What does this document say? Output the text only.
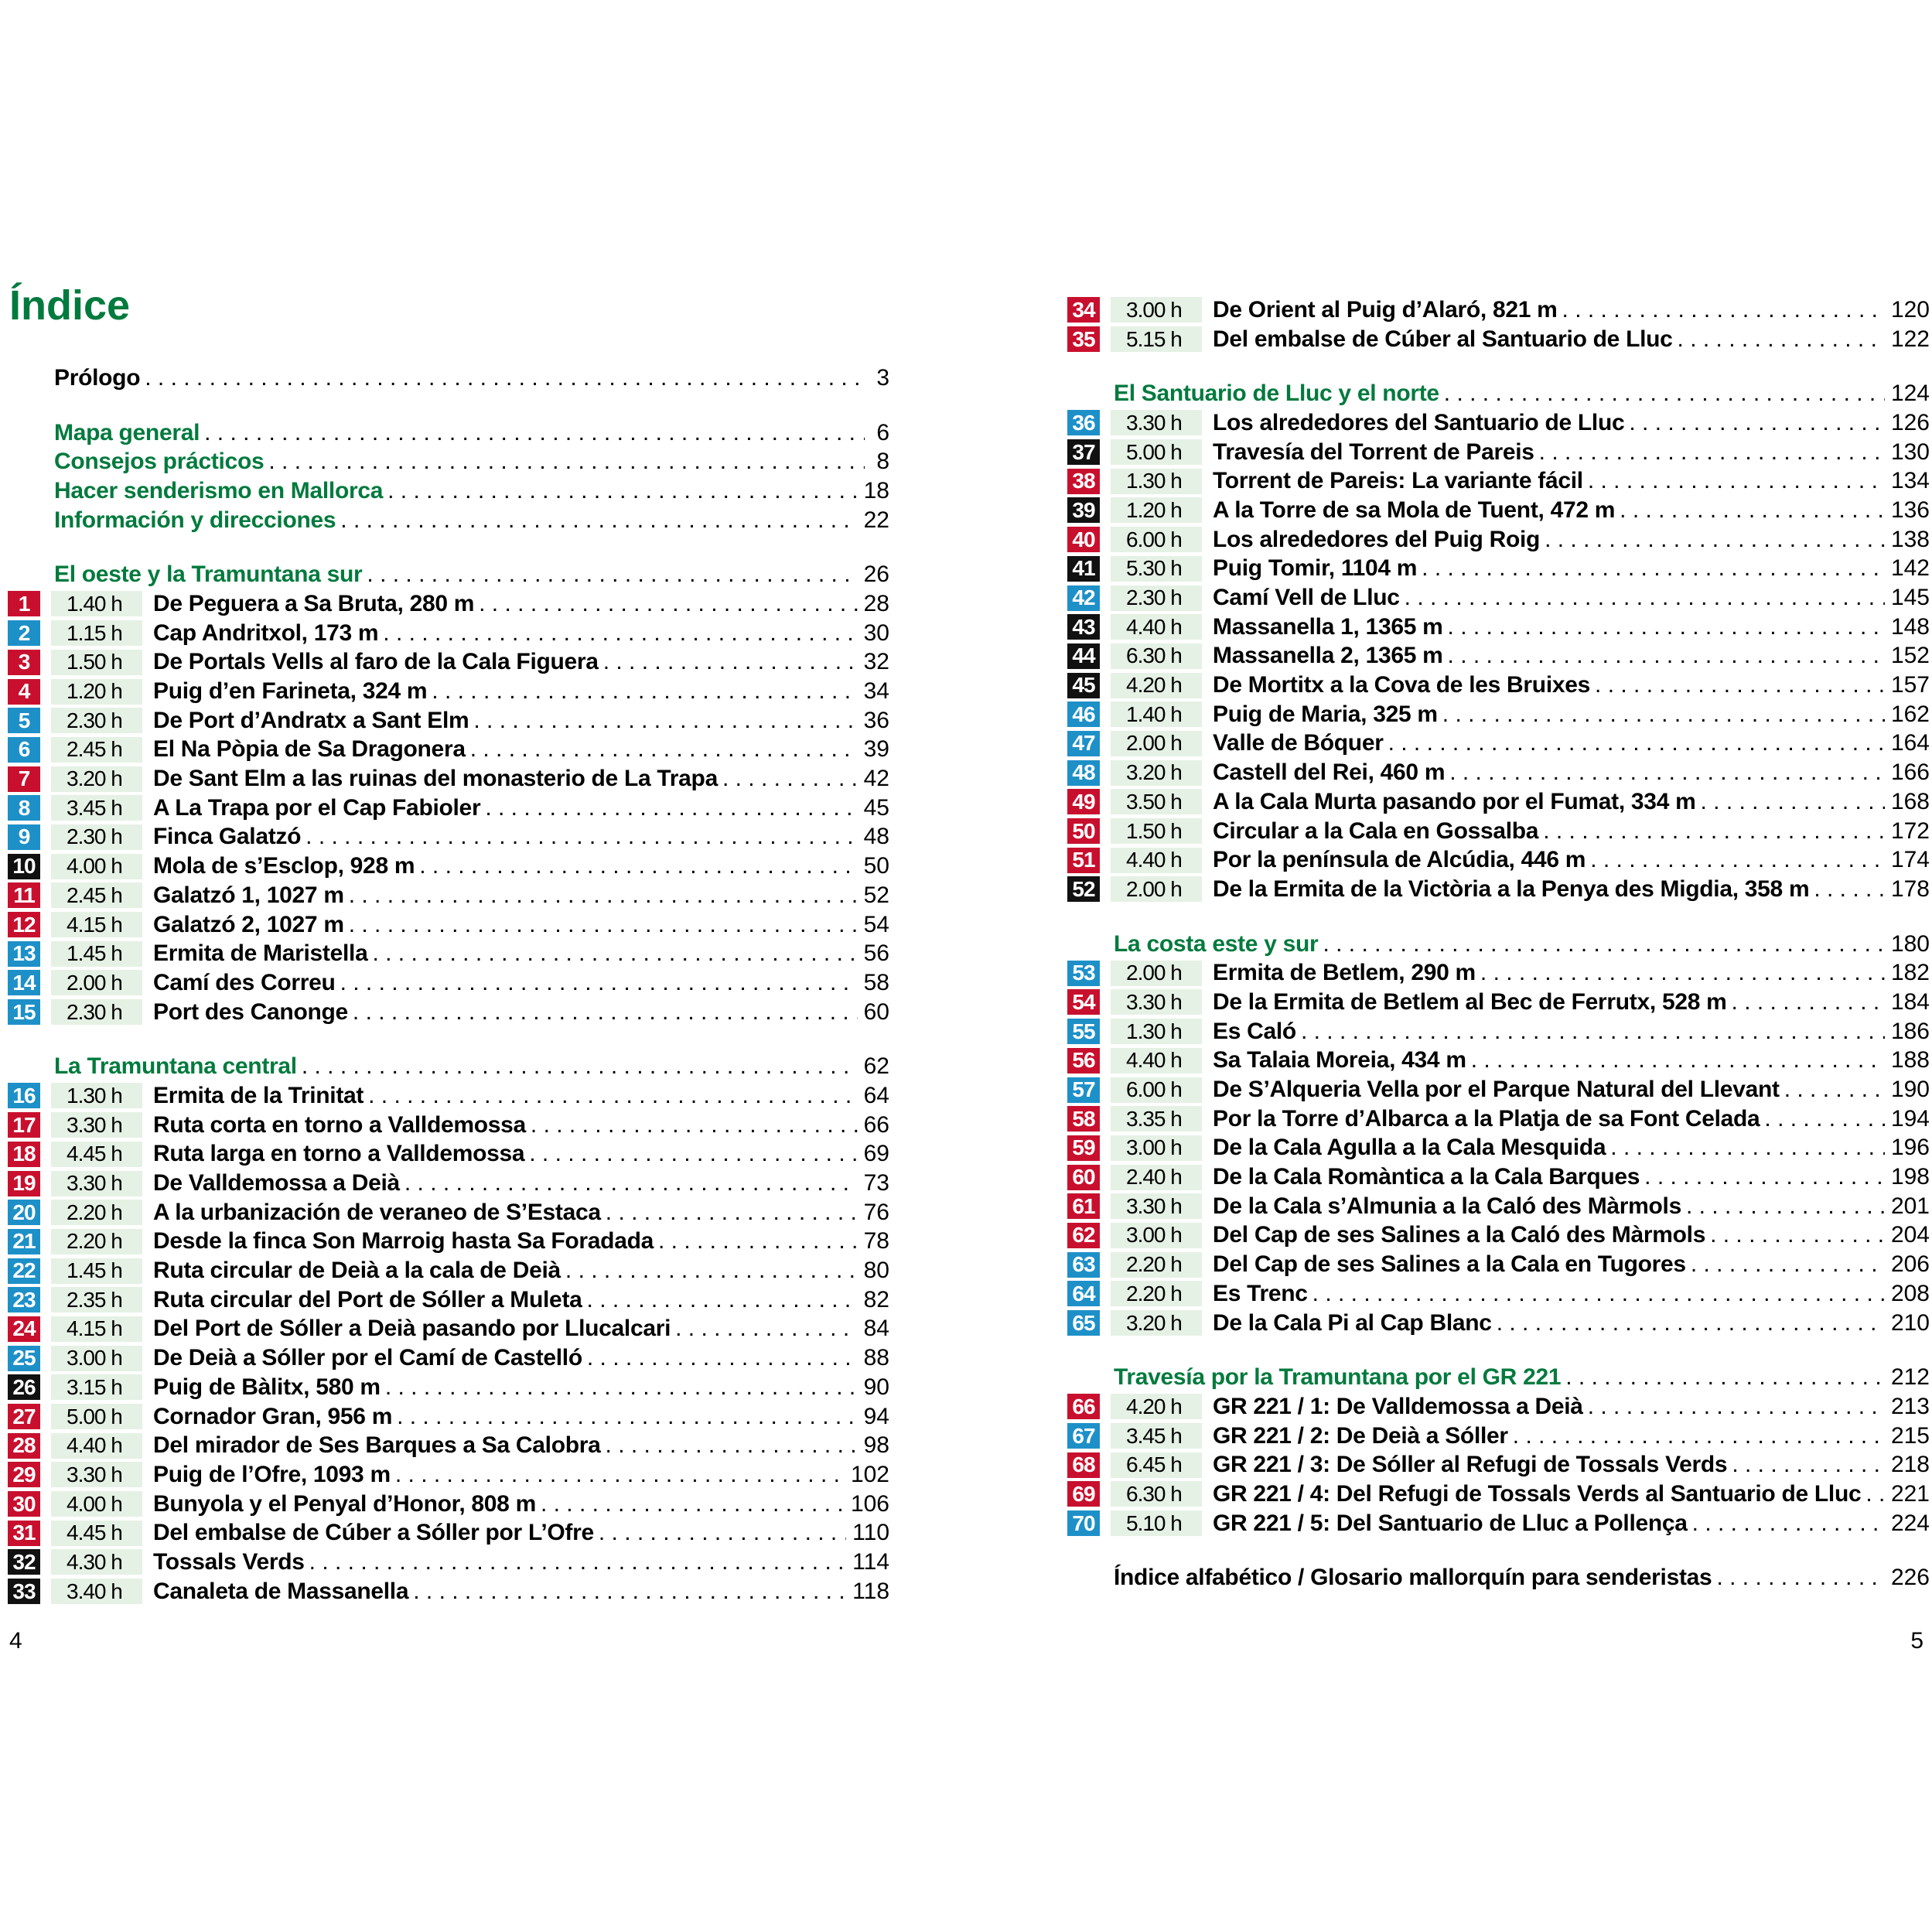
Índice
Prólogo . . .	3
Mapa general . . .	6
Consejos prácticos . . .	8
Hacer senderismo en Mallorca . . .	18
Información y direcciones . . .	22
El oeste y la Tramuntana sur . . .	26
1	1.40 h	De Peguera a Sa Bruta, 280 m . . .	28
2	1.15 h	Cap Andritxol, 173 m . . .	30
3	1.50 h	De Portals Vells al faro de la Cala Figuera . . .	32
4	1.20 h	Puig d’en Farineta, 324 m . . .	34
5	2.30 h	De Port d’Andratx a Sant Elm . . .	36
6	2.45 h	El Na Pòpia de Sa Dragonera . . .	39
7	3.20 h	De Sant Elm a las ruinas del monasterio de La Trapa . . .	42
8	3.45 h	A La Trapa por el Cap Fabioler . . .	45
9	2.30 h	Finca Galatzó . . .	48
10	4.00 h	Mola de s’Esclop, 928 m . . .	50
11	2.45 h	Galatzó 1, 1027 m . . .	52
12	4.15 h	Galatzó 2, 1027 m . . .	54
13	1.45 h	Ermita de Maristella . . .	56
14	2.00 h	Camí des Correu . . .	58
15	2.30 h	Port des Canonge . . .	60
La Tramuntana central . . .	62
16	1.30 h	Ermita de la Trinitat . . .	64
17	3.30 h	Ruta corta en torno a Valldemossa . . .	66
18	4.45 h	Ruta larga en torno a Valldemossa . . .	69
19	3.30 h	De Valldemossa a Deià . . .	73
20	2.20 h	A la urbanización de veraneo de S’Estaca . . .	76
21	2.20 h	Desde la finca Son Marroig hasta Sa Foradada . . .	78
22	1.45 h	Ruta circular de Deià a la cala de Deià . . .	80
23	2.35 h	Ruta circular del Port de Sóller a Muleta . . .	82
24	4.15 h	Del Port de Sóller a Deià pasando por Llucalcari . . .	84
25	3.00 h	De Deià a Sóller por el Camí de Castelló . . .	88
26	3.15 h	Puig de Bàlitx, 580 m . . .	90
27	5.00 h	Cornador Gran, 956 m . . .	94
28	4.40 h	Del mirador de Ses Barques a Sa Calobra . . .	98
29	3.30 h	Puig de l’Ofre, 1093 m . . .	102
30	4.00 h	Bunyola y el Penyal d’Honor, 808 m . . .	106
31	4.45 h	Del embalse de Cúber a Sóller por L’Ofre . . .	110
32	4.30 h	Tossals Verds . . .	114
33	3.40 h	Canaleta de Massanella . . .	118

4

34	3.00 h	De Orient al Puig d’Alaró, 821 m . . .	120
35	5.15 h	Del embalse de Cúber al Santuario de Lluc . . .	122
El Santuario de Lluc y el norte . . .	124
36	3.30 h	Los alrededores del Santuario de Lluc . . .	126
37	5.00 h	Travesía del Torrent de Pareis . . .	130
38	1.30 h	Torrent de Pareis: La variante fácil . . .	134
39	1.20 h	A la Torre de sa Mola de Tuent, 472 m . . .	136
40	6.00 h	Los alrededores del Puig Roig . . .	138
41	5.30 h	Puig Tomir, 1104 m . . .	142
42	2.30 h	Camí Vell de Lluc . . .	145
43	4.40 h	Massanella 1, 1365 m . . .	148
44	6.30 h	Massanella 2, 1365 m . . .	152
45	4.20 h	De Mortitx a la Cova de les Bruixes . . .	157
46	1.40 h	Puig de Maria, 325 m . . .	162
47	2.00 h	Valle de Bóquer . . .	164
48	3.20 h	Castell del Rei, 460 m . . .	166
49	3.50 h	A la Cala Murta pasando por el Fumat, 334 m . . .	168
50	1.50 h	Circular a la Cala en Gossalba . . .	172
51	4.40 h	Por la península de Alcúdia, 446 m . . .	174
52	2.00 h	De la Ermita de la Victòria a la Penya des Migdia, 358 m . . .	178
La costa este y sur . . .	180
53	2.00 h	Ermita de Betlem, 290 m . . .	182
54	3.30 h	De la Ermita de Betlem al Bec de Ferrutx, 528 m . . .	184
55	1.30 h	Es Caló . . .	186
56	4.40 h	Sa Talaia Moreia, 434 m . . .	188
57	6.00 h	De S’Alqueria Vella por el Parque Natural del Llevant . . .	190
58	3.35 h	Por la Torre d’Albarca a la Platja de sa Font Celada . . .	194
59	3.00 h	De la Cala Agulla a la Cala Mesquida . . .	196
60	2.40 h	De la Cala Romàntica a la Cala Barques . . .	198
61	3.30 h	De la Cala s’Almunia a la Caló des Màrmols . . .	201
62	3.00 h	Del Cap de ses Salines a la Caló des Màrmols . . .	204
63	2.20 h	Del Cap de ses Salines a la Cala en Tugores . . .	206
64	2.20 h	Es Trenc . . .	208
65	3.20 h	De la Cala Pi al Cap Blanc . . .	210
Travesía por la Tramuntana por el GR 221 . . .	212
66	4.20 h	GR 221 / 1: De Valldemossa a Deià . . .	213
67	3.45 h	GR 221 / 2: De Deià a Sóller . . .	215
68	6.45 h	GR 221 / 3: De Sóller al Refugi de Tossals Verds . . .	218
69	6.30 h	GR 221 / 4: Del Refugi de Tossals Verds al Santuario de Lluc . . . 221
70	5.10 h	GR 221 / 5: Del Santuario de Lluc a Pollença . . .	224
Índice alfabético / Glosario mallorquín para senderistas . . .	226

5
